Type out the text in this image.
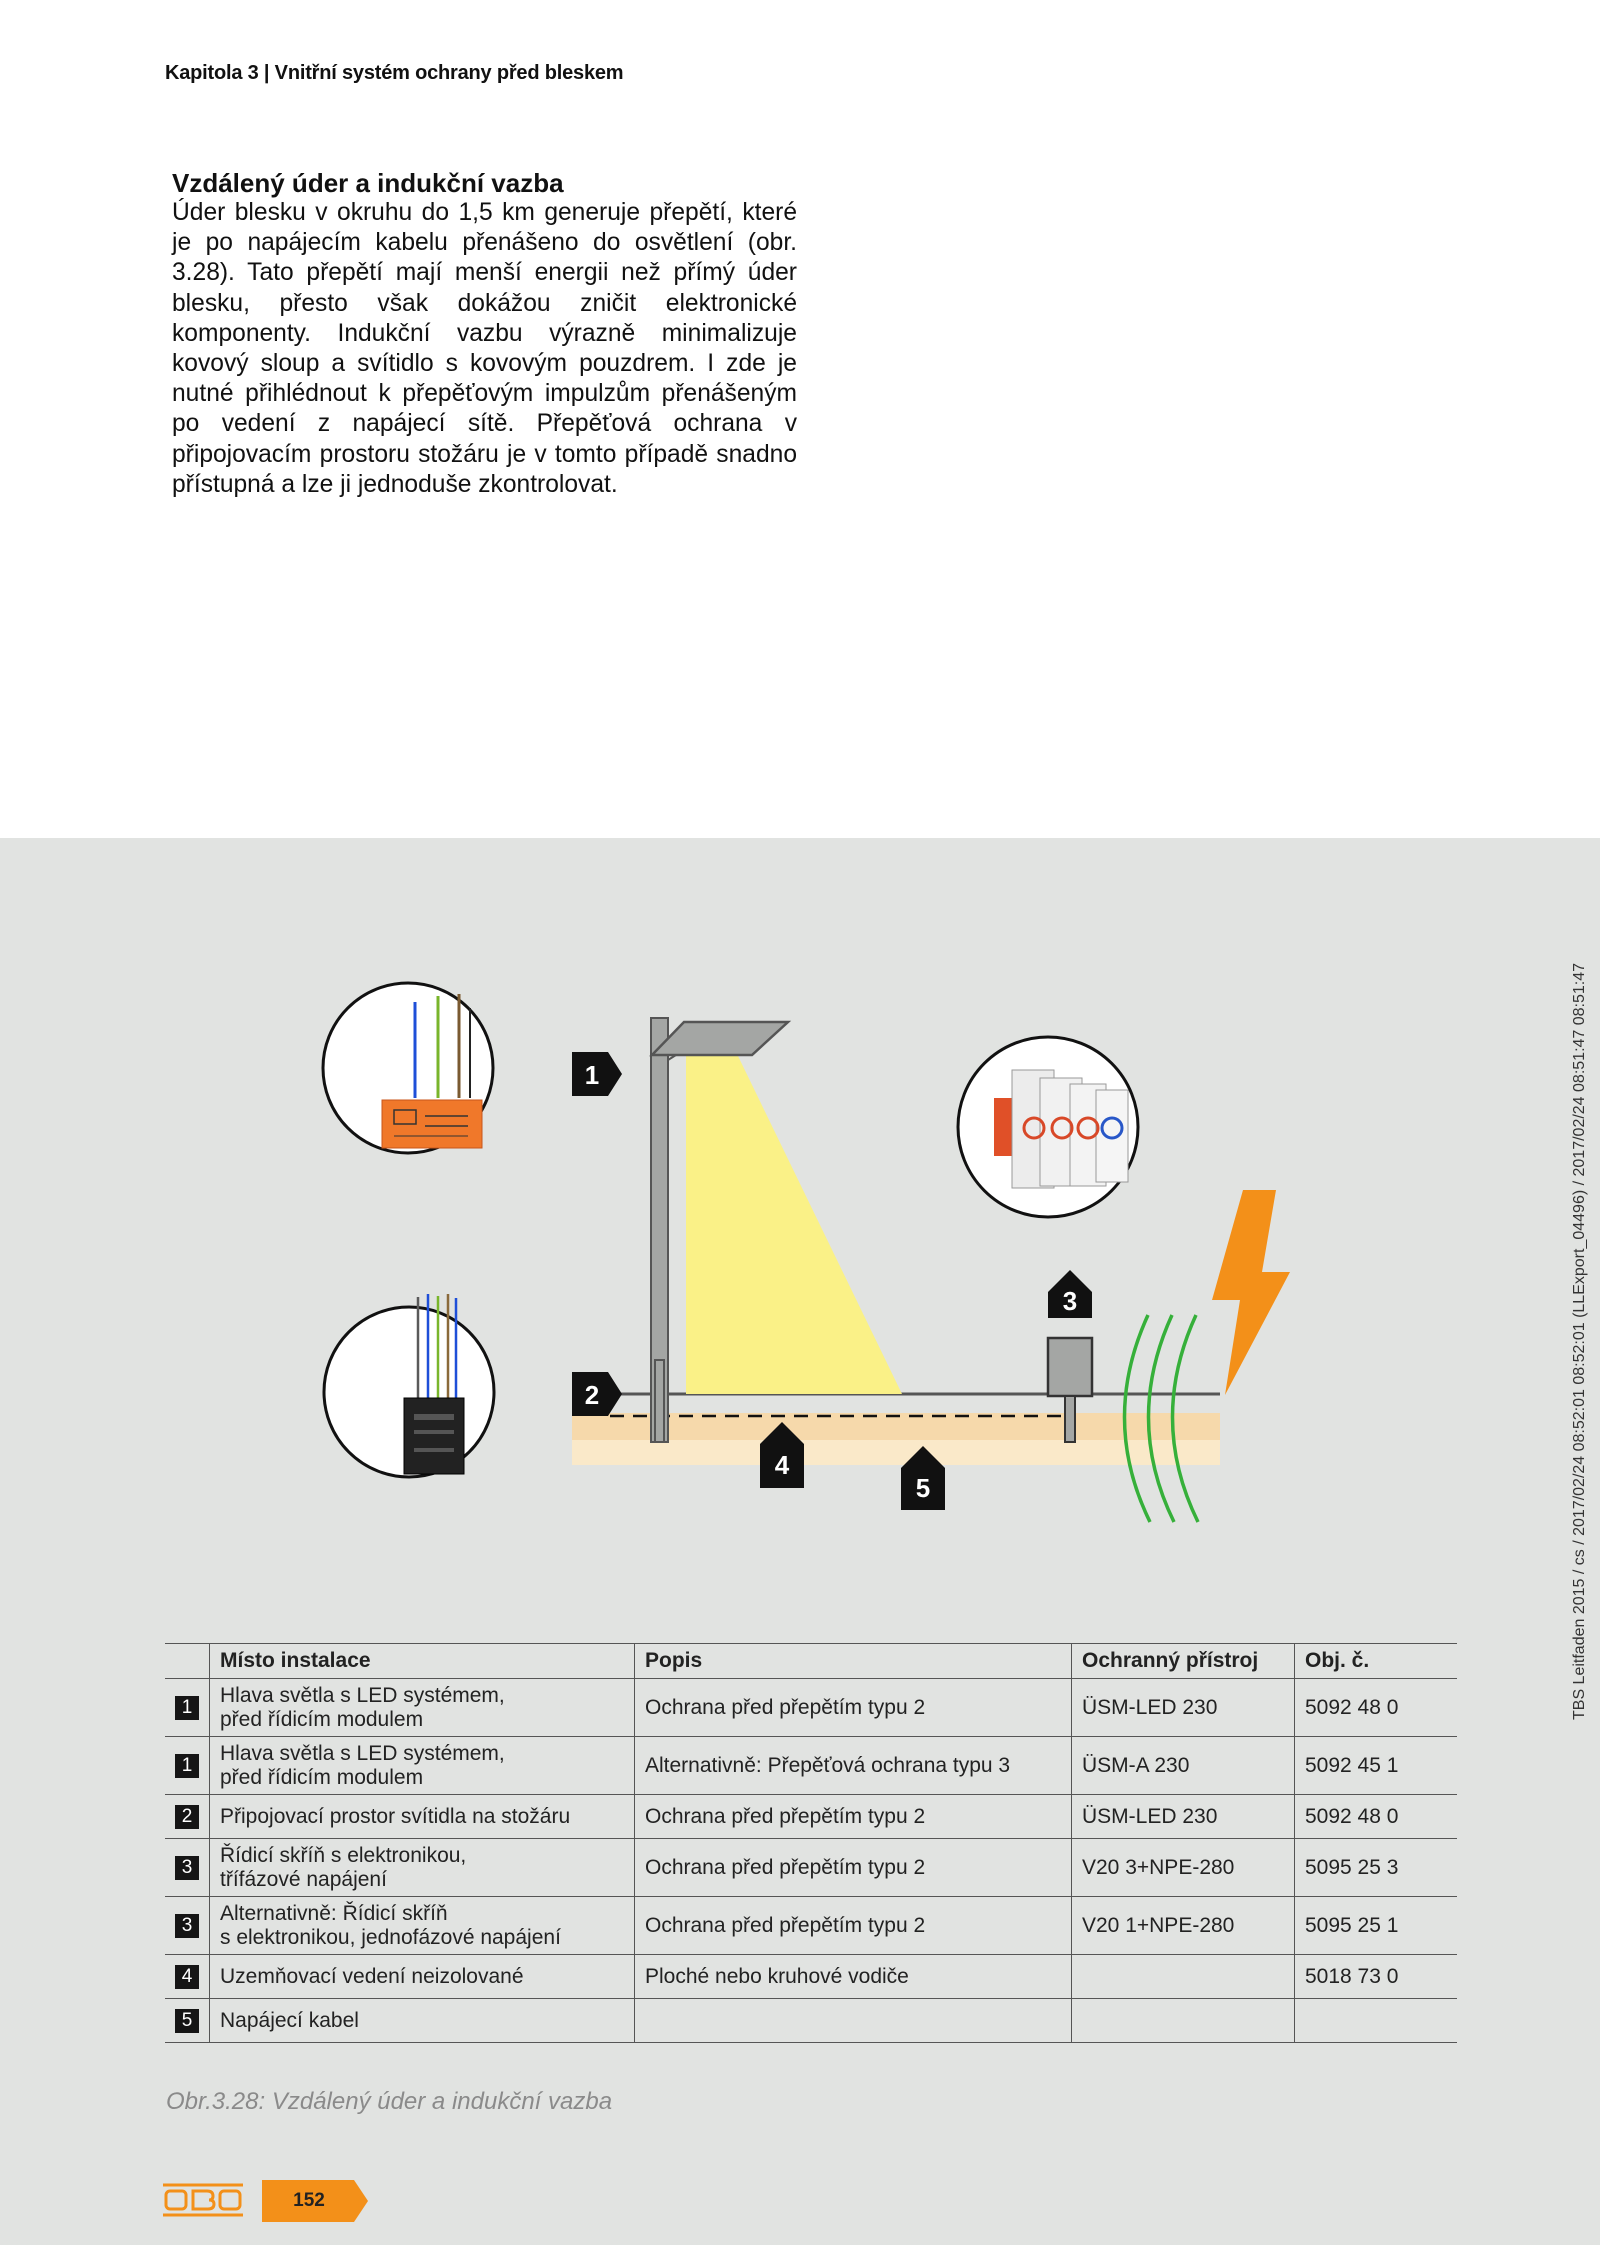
Kapitola 3 | Vnitřní systém ochrany před bleskem
Vzdálený úder a indukční vazba

Úder blesku v okruhu do 1,5 km generuje přepětí, které je po napájecím kabelu přenášeno do osvětlení (obr. 3.28). Tato přepětí mají menší energii než přímý úder blesku, přesto však dokážou zničit elektronické komponenty. Indukční vazbu výrazně minimalizuje kovový sloup a svítidlo s kovovým pouzdrem. I zde je nutné přihlédnout k přepěťovým impulzům přenášeným po vedení z napájecí sítě. Přepěťová ochrana v připojovacím prostoru stožáru je v tomto případě snadno přístupná a lze ji jednoduše zkontrolovat.

1
2
3
4
5
	Místo instalace	Popis	Ochranný přístroj	Obj. č.
1	Hlava světla s LED systémem,
před řídicím modulem	Ochrana před přepětím typu 2	ÜSM-LED 230	5092 48 0
1	Hlava světla s LED systémem,
před řídicím modulem	Alternativně: Přepěťová ochrana typu 3	ÜSM-A 230	5092 45 1
2	Připojovací prostor svítidla na stožáru	Ochrana před přepětím typu 2	ÜSM-LED 230	5092 48 0
3	Řídicí skříň s elektronikou,
třífázové napájení	Ochrana před přepětím typu 2	V20 3+NPE-280	5095 25 3
3	Alternativně: Řídicí skříň
s elektronikou, jednofázové napájení	Ochrana před přepětím typu 2	V20 1+NPE-280	5095 25 1
4	Uzemňovací vedení neizolované	Ploché nebo kruhové vodiče		5018 73 0
5	Napájecí kabel			

Obr.3.28: Vzdálený úder a indukční vazba
TBS Leitfaden 2015 / cs / 2017/02/24 08:52:01 08:52:01 (LLExport_04496) / 2017/02/24 08:51:47 08:51:47
152
